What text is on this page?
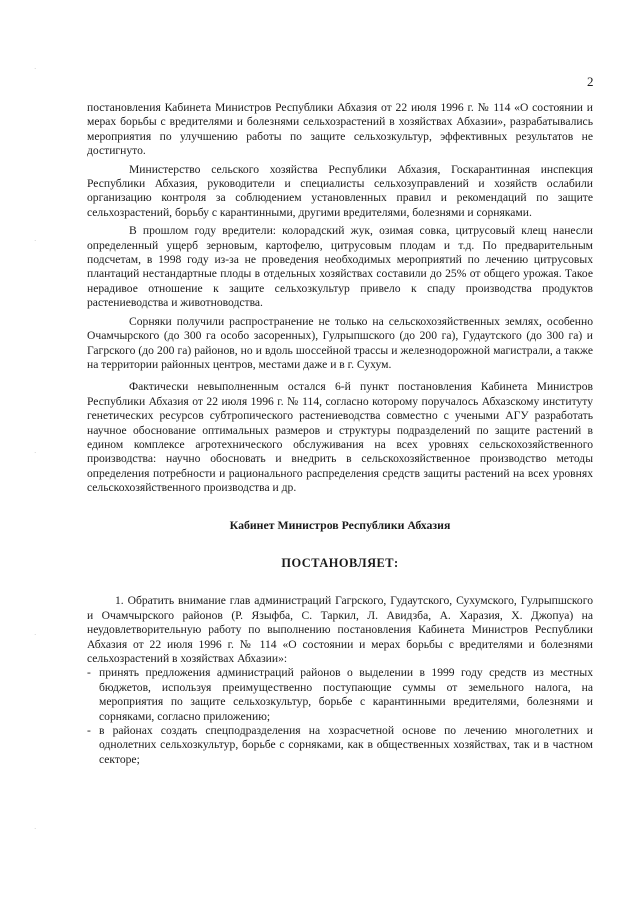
2
·
·
·
·
·

постановления Кабинета Министров Республики Абхазия от 22 июля 1996 г. № 114 «О состоянии и мерах борьбы с вредителями и болезнями сельхозрастений в хозяйствах Абхазии», разрабатывались мероприятия по улучшению работы по защите сельхозкультур, эффективных результатов не достигнуто.

Министерство сельского хозяйства Республики Абхазия, Госкарантинная инспекция Республики Абхазия, руководители и специалисты сельхозуправлений и хозяйств ослабили организацию контроля за соблюдением установленных правил и рекомендаций по защите сельхозрастений, борьбу с карантинными, другими вредителями, болезнями и сорняками.

В прошлом году вредители: колорадский жук, озимая совка, цитрусовый клещ нанесли определенный ущерб зерновым, картофелю, цитрусовым плодам и т.д. По предварительным подсчетам, в 1998 году из-за не проведения необходимых мероприятий по лечению цитрусовых плантаций нестандартные плоды в отдельных хозяйствах составили до 25% от общего урожая. Такое нерадивое отношение к защите сельхозкультур привело к спаду производства продуктов растениеводства и животноводства.

Сорняки получили распространение не только на сельскохозяйственных землях, особенно Очамчырского (до 300 га особо засоренных), Гулрыпшского (до 200 га), Гудаутского (до 300 га) и Гагрского (до 200 га) районов, но и вдоль шоссейной трассы и железнодорожной магистрали, а также на территории районных центров, местами даже и в г. Сухум.

Фактически невыполненным остался 6-й пункт постановления Кабинета Министров Республики Абхазия от 22 июля 1996 г. № 114, согласно которому поручалось Абхазскому институту генетических ресурсов субтропического растениеводства совместно с учеными АГУ разработать научное обоснование оптимальных размеров и структуры подразделений по защите растений в едином комплексе агротехнического обслуживания на всех уровнях сельскохозяйственного производства: научно обосновать и внедрить в сельскохозяйственное производство методы определения потребности и рационального распределения средств защиты растений на всех уровнях сельскохозяйственного производства и др.

Кабинет Министров Республики Абхазия
ПОСТАНОВЛЯЕТ:

1. Обратить внимание глав администраций Гагрского, Гудаутского, Сухумского, Гулрыпшского и Очамчырского районов (Р. Языфба, С. Таркил, Л. Авидзба, А. Харазия, Х. Джопуа) на неудовлетворительную работу по выполнению постановления Кабинета Министров Республики Абхазия от 22 июля 1996 г. № 114 «О состоянии и мерах борьбы с вредителями и болезнями сельхозрастений в хозяйствах Абхазии»:

- принять предложения администраций районов о выделении в 1999 году средств из местных бюджетов, используя преимущественно поступающие суммы от земельного налога, на мероприятия по защите сельхозкультур, борьбе с карантинными вредителями, болезнями и сорняками, согласно приложению;
- в районах создать спецподразделения на хозрасчетной основе по лечению многолетних и однолетних сельхозкультур, борьбе с сорняками, как в общественных хозяйствах, так и в частном секторе;
